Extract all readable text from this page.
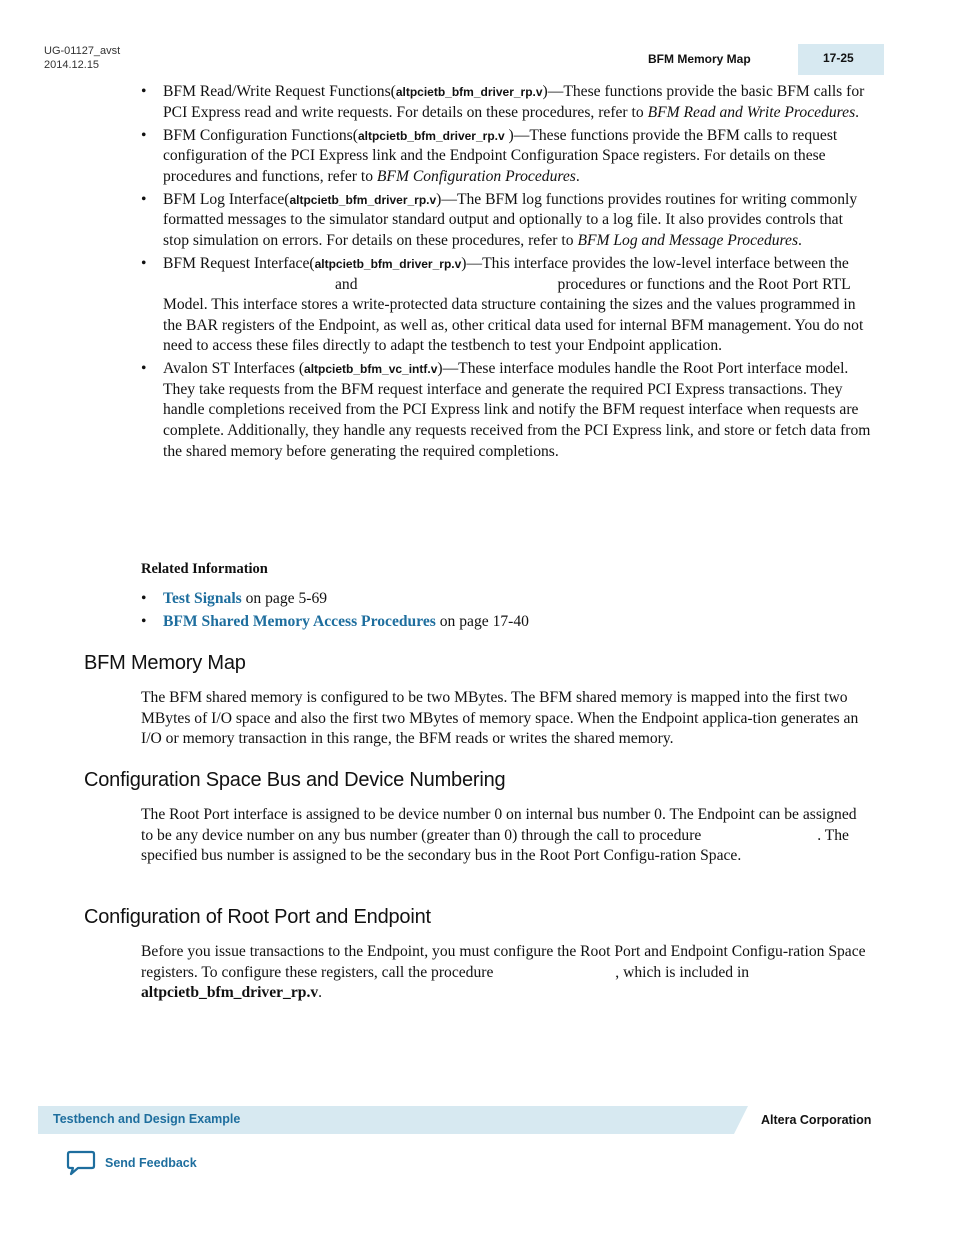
UG-01127_avst
2014.12.15	BFM Memory Map	17-25
• BFM Read/Write Request Functions(altpcietb_bfm_driver_rp.v)—These functions provide the basic BFM calls for PCI Express read and write requests. For details on these procedures, refer to BFM Read and Write Procedures.
• BFM Configuration Functions(altpcietb_bfm_driver_rp.v )—These functions provide the BFM calls to request configuration of the PCI Express link and the Endpoint Configuration Space registers. For details on these procedures and functions, refer to BFM Configuration Procedures.
• BFM Log Interface(altpcietb_bfm_driver_rp.v)—The BFM log functions provides routines for writing commonly formatted messages to the simulator standard output and optionally to a log file. It also provides controls that stop simulation on errors. For details on these procedures, refer to BFM Log and Message Procedures.
• BFM Request Interface(altpcietb_bfm_driver_rp.v)—This interface provides the low-level interface between the and	procedures or functions and the Root Port RTL Model. This interface stores a write-protected data structure containing the sizes and the values programmed in the BAR registers of the Endpoint, as well as, other critical data used for internal BFM management. You do not need to access these files directly to adapt the testbench to test your Endpoint application.
• Avalon ST Interfaces (altpcietb_bfm_vc_intf.v)—These interface modules handle the Root Port interface model. They take requests from the BFM request interface and generate the required PCI Express transactions. They handle completions received from the PCI Express link and notify the BFM request interface when requests are complete. Additionally, they handle any requests received from the PCI Express link, and store or fetch data from the shared memory before generating the required completions.
Related Information
• Test Signals on page 5-69
• BFM Shared Memory Access Procedures on page 17-40
BFM Memory Map

The BFM shared memory is configured to be two MBytes. The BFM shared memory is mapped into the first two MBytes of I/O space and also the first two MBytes of memory space. When the Endpoint applica-tion generates an I/O or memory transaction in this range, the BFM reads or writes the shared memory.

Configuration Space Bus and Device Numbering

The Root Port interface is assigned to be device number 0 on internal bus number 0. The Endpoint can be assigned to be any device number on any bus number (greater than 0) through the call to procedure	. The specified bus number is assigned to be the secondary bus in the Root Port Configu-ration Space.

Configuration of Root Port and Endpoint

Before you issue transactions to the Endpoint, you must configure the Root Port and Endpoint Configu-ration Space registers. To configure these registers, call the procedure	, which is included in altpcietb_bfm_driver_rp.v.

Testbench and Design Example	Altera Corporation
Send Feedback
